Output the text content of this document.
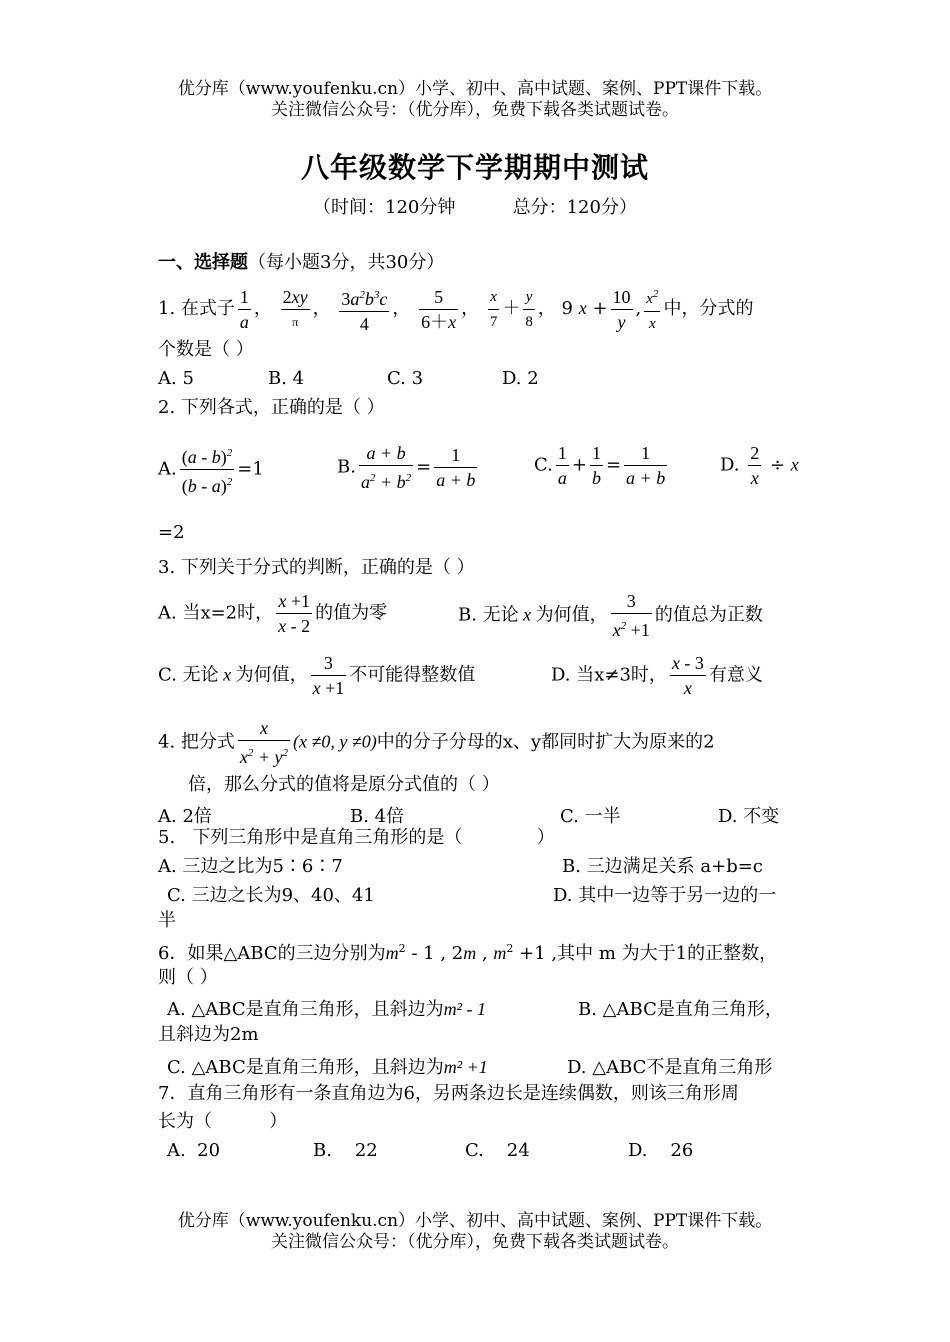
优分库（www.youfenku.cn）小学、初中、高中试题、案例、PPT课件下载。
关注微信公众号：（优分库），免费下载各类试题试卷。
八年级数学下学期期中测试
（时间：120分钟          总分：120分）
一、选择题（每小题3分，共30分）
1. 在式子 $\frac{1}{a}$ ， $\frac{2xy}{\pi}$ ， $\frac{3a^2b^3c}{4}$ ， $\frac{5}{6+x}$ ， $\frac{x}{7} + \frac{y}{8}$ ， 9 $x + \frac{10}{y}$ , $\frac{x^2}{x}$ 中，分式的
个数是（ ）
A. 5	B. 4	C. 3	D. 2
2. 下列各式，正确的是（ ）
A. $\frac{(a - b)^2}{(b - a)^2} =1$	B. $\frac{a + b}{a^2 + b^2} = \frac{1}{a + b}$	C. $\frac{1}{a} + \frac{1}{b} = \frac{1}{a + b}$	D. $\frac{2}{x} \div x$
=2
3. 下列关于分式的判断，正确的是（ ）
A. 当x=2时， $\frac{x +1}{x - 2}$ 的值为零	B. 无论 x 为何值， $\frac{3}{x^2 +1}$ 的值总为正数
C. 无论 x 为何值， $\frac{3}{x +1}$ 不可能得整数值	D. 当x≠3时， $\frac{x - 3}{x}$ 有意义
4. 把分式 $\frac{x}{x^2 + y^2} (x \ne 0$, y ≠0)中的分子分母的x、y都同时扩大为原来的2
倍，那么分式的值将是原分式值的（ ）
A. 2倍	B. 4倍	C. 一半	D. 不变
5.   下列三角形中是直角三角形的是（             ）
A. 三边之比为5∶6∶7	B. 三边满足关系 a+b=c
C. 三边之长为9、40、41	D. 其中一边等于另一边的一
半
6．如果△ABC的三边分别为$m^2 - 1$ , 2m , $m^2 +1$ ,其中 m 为大于1的正整数，
则（ ）
A. △ABC是直角三角形，且斜边为m² - 1	B. △ABC是直角三角形，
且斜边为2m
C. △ABC是直角三角形，且斜边为m² +1	D. △ABC不是直角三角形
7．直角三角形有一条直角边为6，另两条边长是连续偶数，则该三角形周
长为（          ）
A.  20	B.    22	C.    24	D.    26
优分库（www.youfenku.cn）小学、初中、高中试题、案例、PPT课件下载。
关注微信公众号：（优分库），免费下载各类试题试卷。
